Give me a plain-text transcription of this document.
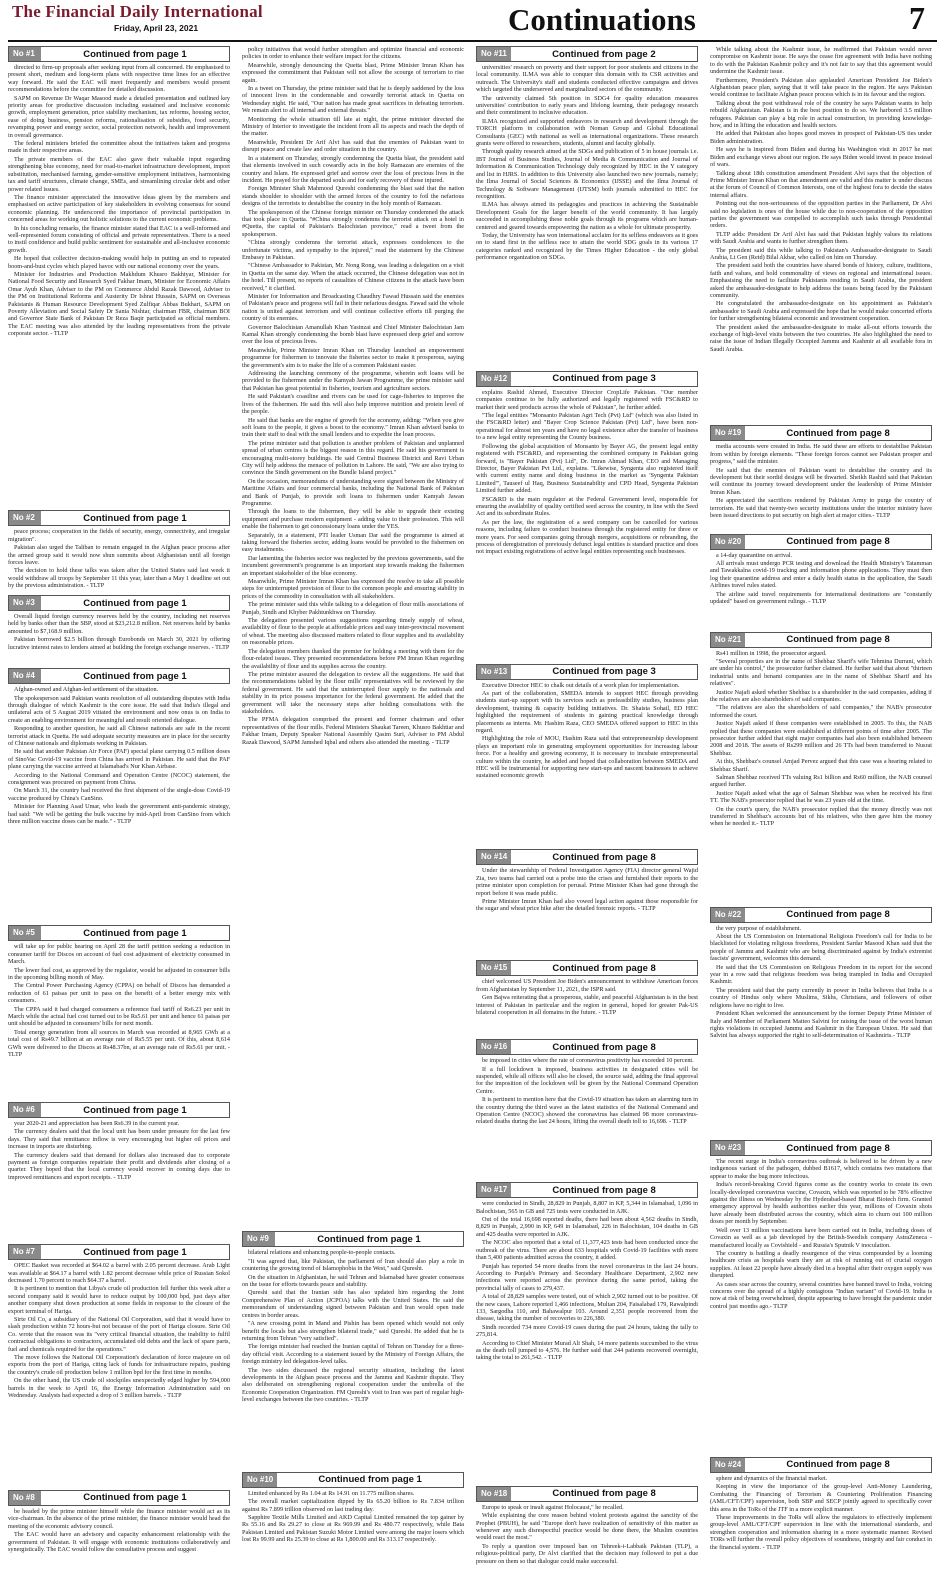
The Financial Daily International
Friday, April 23, 2021	Continuations	7
No #1	Continued from page 1

directed to firm-up proposals after seeking input from all concerned. He emphasised to present short, medium and long-term plans with respective time lines for an effective way forward. He said the EAC will meet frequently and members would present recommendations before the committee for detailed discussion.

SAPM on Revenue Dr Waqar Masood made a detailed presentation and outlined key priority areas for productive discussion including sustained and inclusive economic growth, employment generation, price stability mechanism, tax reforms, housing sector, ease of doing business, pension reforms, rationalisation of subsidies, food security, revamping power and energy sector, social protection network, health and improvement in overall governance.

The federal ministers briefed the committee about the initiatives taken and progress made in their respective areas.

The private members of the EAC also gave their valuable input regarding strengthening blue economy, need for road-to-market infrastructure development, import substitution, mechanised farming, gender-sensitive employment initiatives, harmonising tax and tariff structures, climate change, SMEs, and streamlining circular debt and other power related issues.

The finance minister appreciated the innovative ideas given by the members and emphasised on active participation of key stakeholders in evolving consensus for sound economic planning. He underscored the importance of provincial participation in concerned areas for working out holistic solutions to the current economic problems.

In his concluding remarks, the finance minister stated that EAC is a well-informed and well-represented forum consisting of official and private representatives. There is a need to instil confidence and build public sentiment for sustainable and all-inclusive economic growth.

He hoped that collective decision-making would help in putting an end to repeated boom-and-bust cycles which played havoc with our national economy over the years.

Minister for Industries and Production Makhdum Khusro Bakhtyar, Minister for National Food Security and Research Syed Fakhar Imam, Minister for Economic Affairs Omar Ayub Khan, Adviser to the PM on Commerce Abdul Razak Dawood, Adviser to the PM on Institutional Reforms and Austerity Dr Ishrat Hussain, SAPM on Overseas Pakistanis & Human Resource Development Syed Zulfiqar Abbas Bukhari, SAPM on Poverty Alleviation and Social Safety Dr Sania Nishtar, chairman FBR, chairman BOI and Governor State Bank of Pakistan Dr Reza Baqir participated as official members. The EAC meeting was also attended by the leading representatives from the private corporate sector. - TLTP

No #2	Continued from page 1

peace process; cooperation in the fields of security, energy, connectivity, and irregular migration".

Pakistan also urged the Taliban to remain engaged in the Afghan peace process after the armed group said it would now shun summits about Afghanistan until all foreign forces leave.

The decision to hold these talks was taken after the United States said last week it would withdraw all troops by September 11 this year, later than a May 1 deadline set out by the previous administration. - TLTP

No #3	Continued from page 1

Overall liquid foreign currency reserves held by the country, including net reserves held by banks other than the SBP, stood at $23,212.8 million. Net reserves held by banks amounted to $7,168.9 million.

Pakistan borrowed $2.5 billion through Eurobonds on March 30, 2021 by offering lucrative interest rates to lenders aimed at building the foreign exchange reserves. - TLTP

No #4	Continued from page 1

Afghan-owned and Afghan-led settlement of the situation.

The spokesperson said Pakistan wants resolution of all outstanding disputes with India through dialogue of which Kashmir is the core issue. He said that India's illegal and unilateral acts of 5 August 2019 vitiated the environment and now onus is on India to create an enabling environment for meaningful and result oriented dialogue.

Responding to another question, he said all Chinese nationals are safe in the recent terrorist attack in Quetta. He said adequate security measures are in place for the security of Chinese nationals and diplomats working in Pakistan.

He said that another Pakistan Air Force (PAF) special plane carrying 0.5 million doses of SinoVac Covid-19 vaccine from China has arrived in Pakistan. He said that the PAF plane carrying the vaccine arrived at Islamabad's Nur Khan Airbase.

According to the National Command and Operation Centre (NCOC) statement, the consignment was procured on payment from China.

On March 31, the country had received the first shipment of the single-dose Covid-19 vaccine produced by China's CanSino.

Minister for Planning Asad Umar, who leads the government anti-pandemic strategy, had said: "We will be getting the bulk vaccine by mid-April from CanSino from which three million vaccine doses can be made." - TLTP

No #5	Continued from page 1

will take up for public hearing on April 28 the tariff petition seeking a reduction in consumer tariff for Discos on account of fuel cost adjustment of electricity consumed in March.

The lower fuel cost, as approved by the regulator, would be adjusted in consumer bills in the upcoming billing month of May.

The Central Power Purchasing Agency (CPPA) on behalf of Discos has demanded a reduction of 61 paisas per unit to pass on the benefit of a better energy mix with consumers.

The CPPA said it had charged consumers a reference fuel tariff of Rs6.23 per unit in March while the actual fuel cost turned out to be Rs5.61 per unit and hence 61 paisas per unit should be adjusted in consumers' bills for next month.

Total energy generation from all sources in March was recorded at 8,965 GWh at a total cost of Rs49.7 billion at an average rate of Rs5.55 per unit. Of this, about 8,614 GWh were delivered to the Discos at Rs48.37bn, at an average rate of Rs5.61 per unit. - TLTP

No #6	Continued from page 1

year 2020-21 and appreciation has been Rs6.39 in the current year.

The currency dealers said that the local unit has been under pressure for the last few days. They said that remittance inflow is very encouraging but higher oil prices and increase in imports are disturbing.

The currency dealers said that demand for dollars also increased due to corporate payment as foreign companies repatriate their profit and dividends after closing of a quarter. They hoped that the local currency would recover in coming days due to improved remittances and export receipts. - TLTP

No #7	Continued from page 1

OPEC Basket was recorded at $64.02 a barrel with 2.05 percent decrease. Arab Light was available at $64.17 a barrel with 1.82 percent decrease while price of Russian Sokol decreased 1.70 percent to reach $64.37 a barrel.

It is pertinent to mention that Libya's crude oil production fell further this week after a second company said it would have to reduce output by 100,000 bpd, just days after another company shut down production at some fields in response to the closure of the export terminal of Hariga.

Sirte Oil Co, a subsidiary of the National Oil Corporation, said that it would have to slash production within 72 hours-but not because of the port of Hariga closure. Sirte Oil Co. wrote that the reason was its "very critical financial situation, the inability to fulfil contractual obligations to contractors, accumulated old debts and the lack of spare parts, fuel and chemicals required for the operations."

The move follows the National Oil Corporation's declaration of force majeure on oil exports from the port of Hariga, citing lack of funds for infrastructure repairs, pushing the country's crude oil production below 1 million bpd for the first time in months.

On the other hand, the US crude oil stockpiles unexpectedly edged higher by 594,000 barrels in the week to April 16, the Energy Information Administration said on Wednesday. Analysts had expected a drop of 3 million barrels. - TLTP

No #8	Continued from page 1

be headed by the prime minister himself while the finance minister would act as its vice-chairman. In the absence of the prime minister, the finance minister would head the meeting of the economic advisory council.

The EAC would have an advisory and capacity enhancement relationship with the government of Pakistan. It will engage with economic institutions collaboratively and synergistically. The EAC would follow the consultative process and suggest

policy initiatives that would further strengthen and optimize financial and economic policies in order to enhance their welfare impact for the citizens.

Meanwhile, strongly denouncing the Quetta blast, Prime Minister Imran Khan has expressed the commitment that Pakistan will not allow the scourge of terrorism to rise again.

In a tweet on Thursday, the prime minister said that he is deeply saddened by the loss of innocent lives in the condemnable and cowardly terrorist attack in Quetta on Wednesday night. He said, "Our nation has made great sacrifices in defeating terrorism. We remain alert to all internal and external threats."

Monitoring the whole situation till late at night, the prime minister directed the Ministry of Interior to investigate the incident from all its aspects and reach the depth of the matter.

Meanwhile, President Dr Arif Alvi has said that the enemies of Pakistan want to disrupt peace and create law and order situation in the country.

In a statement on Thursday, strongly condemning the Quetta blast, the president said that elements involved in such cowardly acts in the holy Ramazan are enemies of the country and Islam. He expressed grief and sorrow over the loss of precious lives in the incident. He prayed for the departed souls and for early recovery of those injured.

Foreign Minister Shah Mahmood Qureshi condemning the blast said that the nation stands shoulder to shoulder with the armed forces of the country to foil the nefarious designs of the terrorists to destabilise the country in the holy month of Ramazan.

The spokesperson of the Chinese foreign minister on Thursday condemned the attack that took place in Quetta. "#China strongly condemns the terrorist attack on a hotel in #Quetta, the capital of Pakistan's Balochistan province," read a tweet from the spokesperson.

"China strongly condemns the terrorist attack, expresses condolences to the unfortunate victims, and sympathy to the injured," read the statement by the Chinese Embassy in Pakistan.

"Chinese Ambassador to Pakistan, Mr. Nong Rong, was leading a delegation on a visit in Quetta on the same day. When the attack occurred, the Chinese delegation was not in the hotel. Till present, no reports of casualties of Chinese citizens in the attack have been received," it clarified.

Minister for Information and Broadcasting Chaudhry Fawad Hussain said the enemies of Pakistan's peace and progress will fail in their nefarious designs. Fawad said the whole nation is united against terrorism and will continue collective efforts till purging the country of its enemies.

Governor Balochistan Amanullah Khan Yasinzai and Chief Minister Balochistan Jam Kamal Khan strongly condemning the bomb blast have expressed deep grief and sorrow over the loss of precious lives.

Meanwhile, Prime Minister Imran Khan on Thursday launched an empowerment programme for fishermen to innovate the fisheries sector to make it prosperous, saying the government's aim is to make the life of a common Pakistani easier.

Addressing the launching ceremony of the programme, wherein soft loans will be provided to the fishermen under the Kamyab Jawan Programme, the prime minister said that Pakistan has great potential in fisheries, tourism and agriculture sectors.

He said Pakistan's coastline and rivers can be used for cage-fisheries to improve the lives of the fishermen. He said this will also help improve nutrition and protein level of the people.

He said that banks are the engine of growth for the economy, adding: "When you give soft loans to the people, it gives a boost to the economy." Imran Khan advised banks to train their staff to deal with the small lenders and to expedite the loan process.

The prime minister said that pollution is another problem of Pakistan and unplanned spread of urban centres is the biggest reason in this regard. He said his government is encouraging multi-storey buildings. He said Central Business District and Ravi Urban City will help address the menace of pollution in Lahore. He said, "We are also trying to convince the Sindh government on the Bundle Island project."

On the occasion, memorandums of understanding were signed between the Ministry of Maritime Affairs and four commercial banks, including the National Bank of Pakistan and Bank of Punjab, to provide soft loans to fishermen under Kamyab Jawan Programme.

Through the loans to the fishermen, they will be able to upgrade their existing equipment and purchase modern equipment - adding value to their profession. This will enable the fishermen to get concessionary loans under the YES.

Separately, in a statement, PTI leader Usman Dar said the programme is aimed at taking forward the fisheries sector, adding loans would be provided to the fishermen on easy instalments.

Dar lamenting the fisheries sector was neglected by the previous governments, said the incumbent government's programme is an important step towards making the fishermen an important stakeholder of the blue economy.

Meanwhile, Prime Minister Imran Khan has expressed the resolve to take all possible steps for uninterrupted provision of flour to the common people and ensuring stability in prices of the commodity in consultation with all stakeholders.

The prime minister said this while talking to a delegation of flour mills associations of Punjab, Sindh and Khyber Pakhtunkhwa on Thursday.

The delegation presented various suggestions regarding timely supply of wheat, availability of flour to the people at affordable prices and easy inter-provincial movement of wheat. The meeting also discussed matters related to flour supplies and its availability on reasonable prices.

The delegation members thanked the premier for holding a meeting with them for the flour-related issues. They presented recommendations before PM Imran Khan regarding the availability of flour and its supplies across the country.

The prime minister assured the delegation to review all the suggestions. He said that the recommendations tabled by the flour mills' representatives will be reviewed by the federal government. He said that the uninterrupted flour supply to the nationals and stability in its price possess importance for the federal government. He added that the government will take the necessary steps after holding consultations with the stakeholders.

The PFMA delegation comprised the present and former chairman and other representatives of the flour mills. Federal Ministers Shaukat Tareen, Khusro Bakhtiar and Fakhar Imam, Deputy Speaker National Assembly Qasim Suri, Adviser to PM Abdul Razak Dawood, SAPM Jamshed Iqbal and others also attended the meeting. - TLTP

No #9	Continued from page 1

bilateral relations and enhancing people-to-people contacts.

"It was agreed that, like Pakistan, the parliament of Iran should also play a role in countering the growing trend of Islamophobia in the West," said Qureshi.

On the situation in Afghanistan, he said Tehran and Islamabad have greater consensus on the issue for efforts towards peace and stability.

Qureshi said that the Iranian side has also updated him regarding the Joint Comprehensive Plan of Action (JCPOA) talks with the United States. He said the memorandum of understanding signed between Pakistan and Iran would open trade centres in border areas.

"A new crossing point in Mand and Pishin has been opened which would not only benefit the locals but also strengthen bilateral trade," said Qureshi. He added that he is returning from Tehran "very satisfied".

The foreign minister had reached the Iranian capital of Tehran on Tuesday for a three-day official visit. According to a statement issued by the Ministry of Foreign Affairs, the foreign ministry led delegation-level talks.

The two sides discussed the regional security situation, including the latest developments in the Afghan peace process and the Jammu and Kashmir dispute. They also deliberated on strengthening regional cooperation under the umbrella of the Economic Cooperation Organization. FM Qureshi's visit to Iran was part of regular high-level exchanges between the two countries. - TLTP

No #10	Continued from page 1

Limited enhanced by Rs 1.04 at Rs 14.91 on 11.775 million shares.

The overall market capitalization dipped by Rs 65.20 billion to Rs 7.834 trillion against Rs 7.899 trillion observed on last trading day.

Sapphire Textile Mills Limited and AKD Capital Limited remained the top gainer by Rs 55.16 and Rs 29.27 to close at Rs 969.99 and Rs 480.77 respectively, while Bata Pakistan Limited and Pakistan Suzuki Motor Limited were among the major losers which lost Rs 99.99 and Rs 25.39 to close at Rs 1,800.00 and Rs 313.17 respectively.

No #11	Continued from page 2

universities' research on poverty and their support for poor students and citizens in the local community. ILMA was able to conquer this domain with its CSR activities and outreach. The University's staff and students conducted effective campaigns and drives which targeted the underserved and marginalized sectors of the community.

The university claimed 5th position in SDG4 for quality education measures universities' contribution to early years and lifelong learning, their pedagogy research and their commitment to inclusive education.

ILMA recognized and supported endeavors in research and development through the TORCH platform in collaboration with Noman Group and Global Educational Consultants (GEC) with national as well as international organizations. These research grants were offered to researchers, students, alumni and faculty globally.

Through quality research aimed at the SDGs and publication of 5 in house journals i.e. IBT Journal of Business Studies, Journal of Media & Communication and Journal of Information & Communication Technology duly recognized by HEC in the Y category and list in HJRS. In addition to this University also launched two new journals, namely; the Ilma Journal of Social Sciences & Economics (IJSSE) and the Ilma Journal of Technology & Software Management (IJTSM) both journals submitted to HEC for recognition.

ILMA has always aimed its pedagogies and practices in achieving the Sustainable Development Goals for the larger benefit of the world community. It has largely succeeded in accomplishing these noble goals through its programs which are human-centered and geared towards empowering the nation as a whole for ultimate prosperity.

Today, the University has won international acclaim for its selfless endeavors as it goes on to stand first in the selfless race to attain the world SDG goals in its various 17 categories ranked and recognized by the Times Higher Education - the only global performance organization on SDGs.

No #12	Continued from page 3

explains Rashid Ahmed, Executive Director CropLife Pakistan. "Our member companies continue to be fully authorized and legally registered with FSC&RD to market their seed products across the whole of Pakistan", he further added.

"The legal entities "Monsanto Pakistan Agri Tech (Pvt) Ltd" (which was also listed in the FSC&RD letter) and "Bayer Crop Science Pakistan (Pvt) Ltd", have been non-operational for almost ten years and have no legal existence after the transfer of business to a new legal entity representing the County business.

Following the global acquisition of Monsanto by Bayer AG, the present legal entity registered with FSC&RD, and representing the combined company in Pakistan going forward, is "Bayer Pakistan (Pvt) Ltd", Dr. Imran Ahmad Khan, CEO and Managing Director, Bayer Pakistan Pvt Ltd., explains. "Likewise, Syngenta also registered itself with current entity name and doing business in the market as 'Syngenta Pakistan Limited'", Tauseef ul Haq, Business Sustainability and CPD Head, Syngenta Pakistan Limited further added.

FSC&RD is the main regulator at the Federal Government level, responsible for ensuring the availability of quality certified seed across the country, in line with the Seed Act and its subordinate Rules.

As per the law, the registration of a seed company can be cancelled for various reasons, including failure to conduct business through the registered entity for three or more years. For seed companies going through mergers, acquisitions or rebranding, the process of deregistration of previously defunct legal entities is standard practice and does not impact existing registrations of active legal entities representing such businesses.

No #13	Continued from page 3

Executive Director HEC to chalk out details of a work plan for implementation.

As part of the collaboration, SMEDA intends to support HEC through providing students start-up support with its services such as prefeasibility studies, business plan development, training & capacity building initiatives. Dr. Shaista Sohail, ED HEC highlighted the requirement of students in gaining practical knowledge through placements as interns. Mr. Hashim Raza, CEO SMEDA offered support to HEC in this regard.

Highlighting the role of MOU, Hashim Raza said that entrepreneurship development plays an important role in generating employment opportunities for increasing labour force. For a healthy and growing economy, it is necessary to incubate entrepreneurial culture within the country, he added and hoped that collaboration between SMEDA and HEC will be instrumental for supporting new start-ups and nascent businesses to achieve sustained economic growth

No #14	Continued from page 8

Under the stewardship of Federal Investigation Agency (FIA) director general Wajid Zia, two teams had carried out a probe into the crises and furnished their reports to the prime minister upon completion for perusal. Prime Minister Khan had gone through the report before it was made public.

Prime Minister Imran Khan had also vowed legal action against those responsible for the sugar and wheat price hike after the detailed forensic reports. - TLTP

No #15	Continued from page 8

chief welcomed US President Joe Biden's announcement to withdraw American forces from Afghanistan by September 11, 2021, the ISPR said.

Gen Bajwa reiterating that a prosperous, stable, and peaceful Afghanistan is in the best interest of Pakistan in particular and the region in general, hoped for greater Pak-US bilateral cooperation in all domains in the future. - TLTP

No #16	Continued from page 8

be imposed in cities where the rate of coronavirus positivity has exceeded 10 percent.

If a full lockdown is imposed, business activities in designated cities will be suspended, while all offices will also be closed, the source said, adding the final approval for the imposition of the lockdown will be given by the National Command Operation Centre.

It is pertinent to mention here that the Covid-19 situation has taken an alarming turn in the country during the third wave as the latest statistics of the National Command and Operation Centre (NCOC) showed the coronavirus has claimed 98 more coronavirus-related deaths during the last 24 hours, lifting the overall death toll to 16,698. - TLTP

No #17	Continued from page 8

were conducted in Sindh, 28,829 in Punjab, 8,807 in KP, 5,344 in Islamabad, 1,096 in Balochistan, 565 in GB and 725 tests were conducted in AJK.

Out of the total 16,698 reported deaths, there had been about 4,562 deaths in Sindh, 8,829 in Punjab, 2,990 in KP, 649 in Islamabad, 226 in Balochistan, 104 deaths in GB and 425 deaths were reported in AJK.

The NCOC also reported that a total of 11,377,423 tests had been conducted since the outbreak of the virus. There are about 633 hospitals with Covid-19 facilities with more than 5,400 patients admitted across the country, it added.

Punjab has reported 54 more deaths from the novel coronavirus in the last 24 hours. According to Punjab's Primary and Secondary Healthcare Department, 2,902 new infections were reported across the province during the same period, taking the provincial tally of cases to 279,437.

A total of 28,829 samples were tested, out of which 2,902 turned out to be positive. Of the new cases, Lahore reported 1,466 infections, Multan 204, Faisalabad 179, Rawalpindi 133, Sargodha 110, and Bahawalpur 103. Around 2,351 people recovered from the disease, taking the number of recoveries to 226,380.

Sindh recorded 734 more Covid-19 cases during the past 24 hours, taking the tally to 275,814.

According to Chief Minister Murad Ali Shah, 14 more patients succumbed to the virus as the death toll jumped to 4,576. He further said that 244 patients recovered overnight, taking the total to 261,542. - TLTP

No #18	Continued from page 8

Europe to speak or insult against Holocaust," he recalled.

While explaining the core reason behind violent protests against the sanctity of the Prophet (PBUH), he said "Europe don't have realization of sensitivity of this matter as whenever any such disrespectful practice would be done there, the Muslim countries would react the most."

To reply a question over imposed ban on Tehreek-i-Labbaik Pakistan (TLP), a religious-political party, Dr Alvi clarified that the decision may followed to put a due pressure on them so that dialogue could make successful.

While talking about the Kashmir issue, he reaffirmed that Pakistan would never compromise on Kashmir issue. He says the cease fire agreement with India have nothing to do with the Pakistan Kashmir policy and it's not fair to say that this agreement would undermine the Kashmir issue.

Furthermore, President's Pakistan also applauded American President Joe Biden's Afghanistan peace plan, saying that it will take peace in the region. He says Pakistan would continue to facilitate Afghan peace process which is in its favour and the region.

Talking about the post withdrawal role of the country he says Pakistan wants to help rebuild Afghanistan. Pakistan is in the best position to do so. We harbored 3.5 million refugees. Pakistan can play a big role in actual construction, in providing knowledge-how, and in lifting the education and health sectors.

He added that Pakistan also hopes good moves in prospect of Pakistan-US ties under Biden administration.

He says he is inspired from Biden and during his Washington visit in 2017 he met Biden and exchange views about our region. He says Biden would invest in peace instead of wars.

Talking about 18th constitution amendment President Alvi says that the objection of Prime Minister Imran Khan on that amendment are valid and this matter is under discuss at the forum of Council of Common Interests, one of the highest fora to decide the states internal affairs.

Pointing out the non-seriousness of the opposition parties in the Parliament, Dr Alvi said no legislation is ones of the house while due to non-cooperation of the opposition parties the government was compelled to accomplish such tasks through Presidential orders.

TLTP adds: President Dr Arif Alvi has said that Pakistan highly values its relations with Saudi Arabia and wants to further strengthen them.

The president said this while talking to Pakistan's Ambassador-designate to Saudi Arabia, Lt Gen (Retd) Bilal Akbar, who called on him on Thursday.

The president said both the countries have shared bonds of history, culture, traditions, faith and values, and hold commonality of views on regional and international issues. Emphasising the need to facilitate Pakistanis residing in Saudi Arabia, the president asked the ambassador-designate to help address the issues being faced by the Pakistani community.

He congratulated the ambassador-designate on his appointment as Pakistan's ambassador to Saudi Arabia and expressed the hope that he would make concerted efforts for further strengthening bilateral economic and investment cooperation.

The president asked the ambassador-designate to make all-out efforts towards the exchange of high-level visits between the two countries. He also highlighted the need to raise the issue of Indian Illegally Occupied Jammu and Kashmir at all available fora in Saudi Arabia.

No #19	Continued from page 8

media accounts were created in India. He said these are efforts to destabilise Pakistan from within by foreign elements. "These foreign forces cannot see Pakistan prosper and progress," said the minister.

He said that the enemies of Pakistan want to destabilise the country and its development but their sordid designs will be thwarted. Sheikh Rashid said that Pakistan will continue its journey toward development under the leadership of Prime Minister Imran Khan.

He appreciated the sacrifices rendered by Pakistan Army to purge the country of terrorism. He said that twenty-two security institutions under the interior ministry have been issued directions to put security on high alert at major cities.- TLTP

No #20	Continued from page 8

a 14-day quarantine on arrival.

All arrivals must undergo PCR testing and download the Health Ministry's Tatamman and Tawakkalna covid-19 tracking and information phone applications. They must then log their quarantine address and enter a daily health status in the application, the Saudi Airlines travel rules stated.

The airline said travel requirements for international destinations are "constantly updated" based on government rulings. - TLTP

No #21	Continued from page 8

Rs41 million in 1998, the prosecutor argued.

"Several properties are in the name of Shehbaz Sharif's wife Tehmina Durrani, which are under his control," the prosecutor further claimed. He further said that about "thirteen industrial units and benami companies are in the name of Shehbaz Sharif and his relatives".

Justice Najafi asked whether Shehbaz is a shareholder in the said companies, adding if the relatives are also shareholders of said companies.

"The relatives are also the shareholders of said companies," the NAB's prosecutor informed the court.

Justice Najafi asked if these companies were established in 2005. To this, the NAB replied that these companies were established at different points of time after 2005. The prosecutor further added that eight major companies had also been established between 2008 and 2018. The assets of Rs299 million and 26 TTs had been transferred to Nusrat Shehbaz.

At this, Shehbaz's counsel Amjad Pervez argued that this case was a hearing related to Shehbaz Sharif.

Salman Shehbaz received TTs valuing Rs1 billion and Rs60 million, the NAB counsel argued further.

Justice Najafi asked what the age of Salman Shehbaz was when he received his first TT. The NAB's prosecutor replied that he was 23 years old at the time.

On the court's query, the NAB's prosecutor replied that the money directly was not transferred in Shehbaz's accounts but of his relatives, who then gave him the money when he needed it.- TLTP

No #22	Continued from page 8

the very purpose of establishment.

About the US Commission on International Religious Freedom's call for India to be blacklisted for violating religious freedoms, President Sardar Masood Khan said that the people of Jammu and Kashmir who are being discriminated against by India's extremist fascists' government, welcomes this demand.

He said that the US Commission on Religious Freedom in its report for the second year in a row said that religious freedom was being trampled in India and Occupied Kashmir.

The president said that the party currently in power in India believes that India is a country of Hindus only where Muslims, Sikhs, Christians, and followers of other religions have no right to live.

President Khan welcomed the announcement by the former Deputy Prime Minister of Italy and Member of Parliament Matteo Salvini for raising the issue of the worst human rights violations in occupied Jammu and Kashmir in the European Union. He said that Salvini has always supported the right to self-determination of Kashmiris.- TLTP

No #23	Continued from page 8

The recent surge in India's coronavirus outbreak is believed to be driven by a new indigenous variant of the pathogen, dubbed B1617, which contains two mutations that appear to make the bug more infectious.

India's record-breaking Covid figures come as the country works to create its own locally-developed coronavirus vaccine, Covaxin, which was reported to be 78% effective against the illness on Wednesday by the Hyderabad-based Bharat Biotech firm. Granted emergency approval by health authorities earlier this year, millions of Covaxin shots have already been distributed across the country, which aims to churn out 100 million doses per month by September.

Well over 13 million vaccinations have been carried out in India, including doses of Covaxin as well as a jab developed by the British-Swedish company AstraZeneca - manufactured locally as Covishield - and Russia's Sputnik V inoculation.

The country is battling a deadly resurgence of the virus compounded by a looming healthcare crisis as hospitals warn they are at risk of running out of crucial oxygen supplies. At least 22 people have already died in a hospital after their oxygen supply was disrupted.

As cases soar across the country, several countries have banned travel to India, voicing concerns over the spread of a highly contagious "Indian variant" of Covid-19. India is now at risk of being overwhelmed, despite appearing to have brought the pandemic under control just months ago.- TLTP

No #24	Continued from page 8

sphere and dynamics of the financial market.

Keeping in view the importance of the group-level Anti-Money Laundering, Combating the Financing of Terrorism & Countering Proliferation Financing (AML/CFT/CPF) supervision, both SBP and SECP jointly agreed to specifically cover this area in the ToRs of the JTF in a more explicit manner.

These improvements in the ToRs will allow the regulators to effectively implement group-level AML/CFT/CPF supervision in line with the international standards, and strengthen cooperation and information sharing in a more systematic manner. Revised TORs will further the overall policy objectives of soundness, integrity and fair conduct in the financial system. - TLTP
